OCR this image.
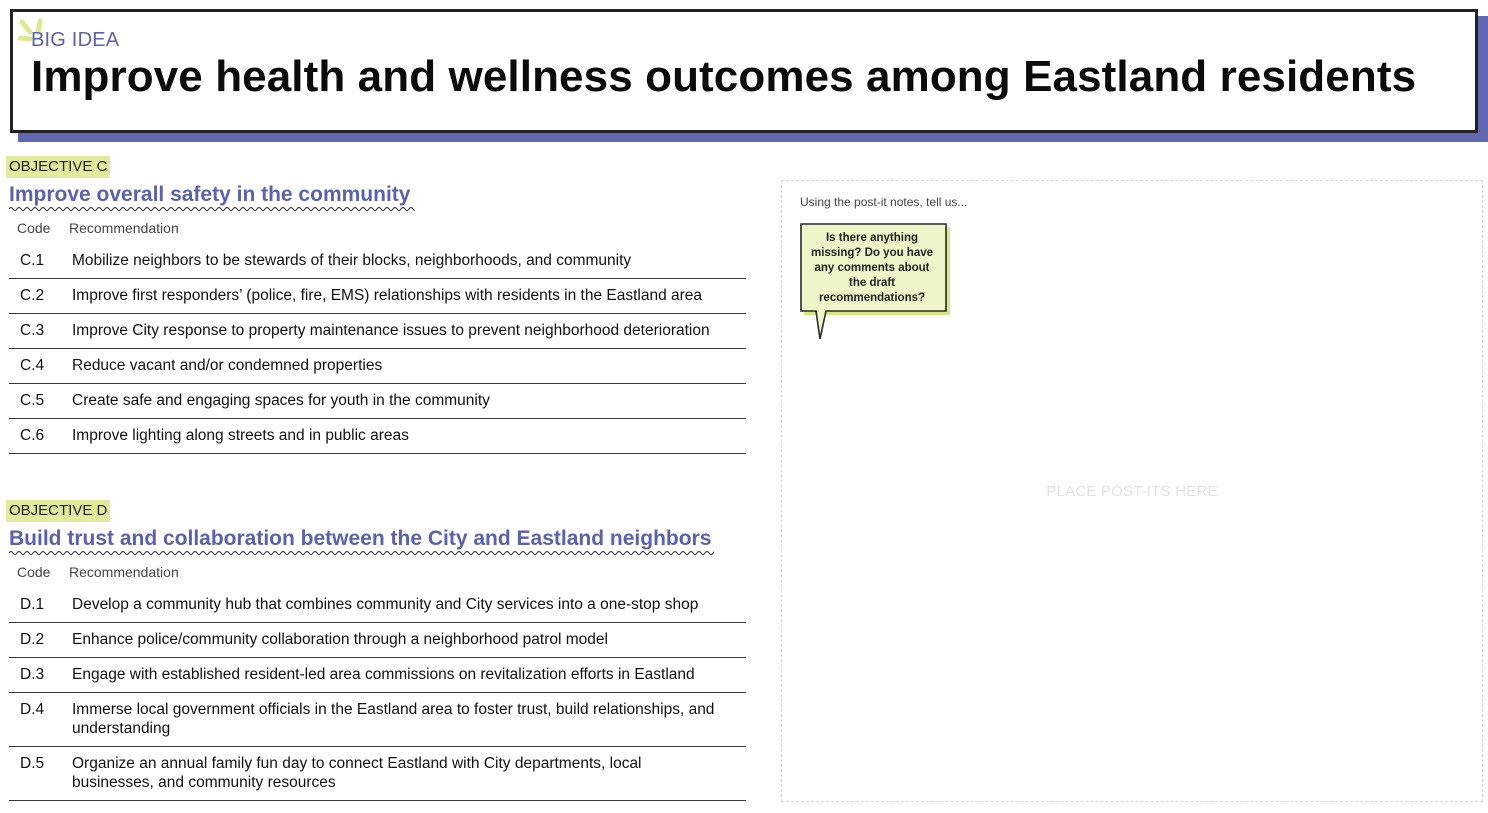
BIG IDEA
Improve health and wellness outcomes among Eastland residents
OBJECTIVE C
Improve overall safety in the community
Code	Recommendation
C.1	Mobilize neighbors to be stewards of their blocks, neighborhoods, and community
C.2	Improve first responders’ (police, fire, EMS) relationships with residents in the Eastland area
C.3	Improve City response to property maintenance issues to prevent neighborhood deterioration
C.4	Reduce vacant and/or condemned properties
C.5	Create safe and engaging spaces for youth in the community
C.6	Improve lighting along streets and in public areas
OBJECTIVE D
Build trust and collaboration between the City and Eastland neighbors
Code	Recommendation
D.1	Develop a community hub that combines community and City services into a one-stop shop
D.2	Enhance police/community collaboration through a neighborhood patrol model
D.3	Engage with established resident-led area commissions on revitalization efforts in Eastland
D.4	Immerse local government officials in the Eastland area to foster trust, build relationships, and understanding
D.5	Organize an annual family fun day to connect Eastland with City departments, local businesses, and community resources
Using the post-it notes, tell us...
Is there anything missing? Do you have any comments about the draft recommendations?
PLACE POST-ITS HERE
